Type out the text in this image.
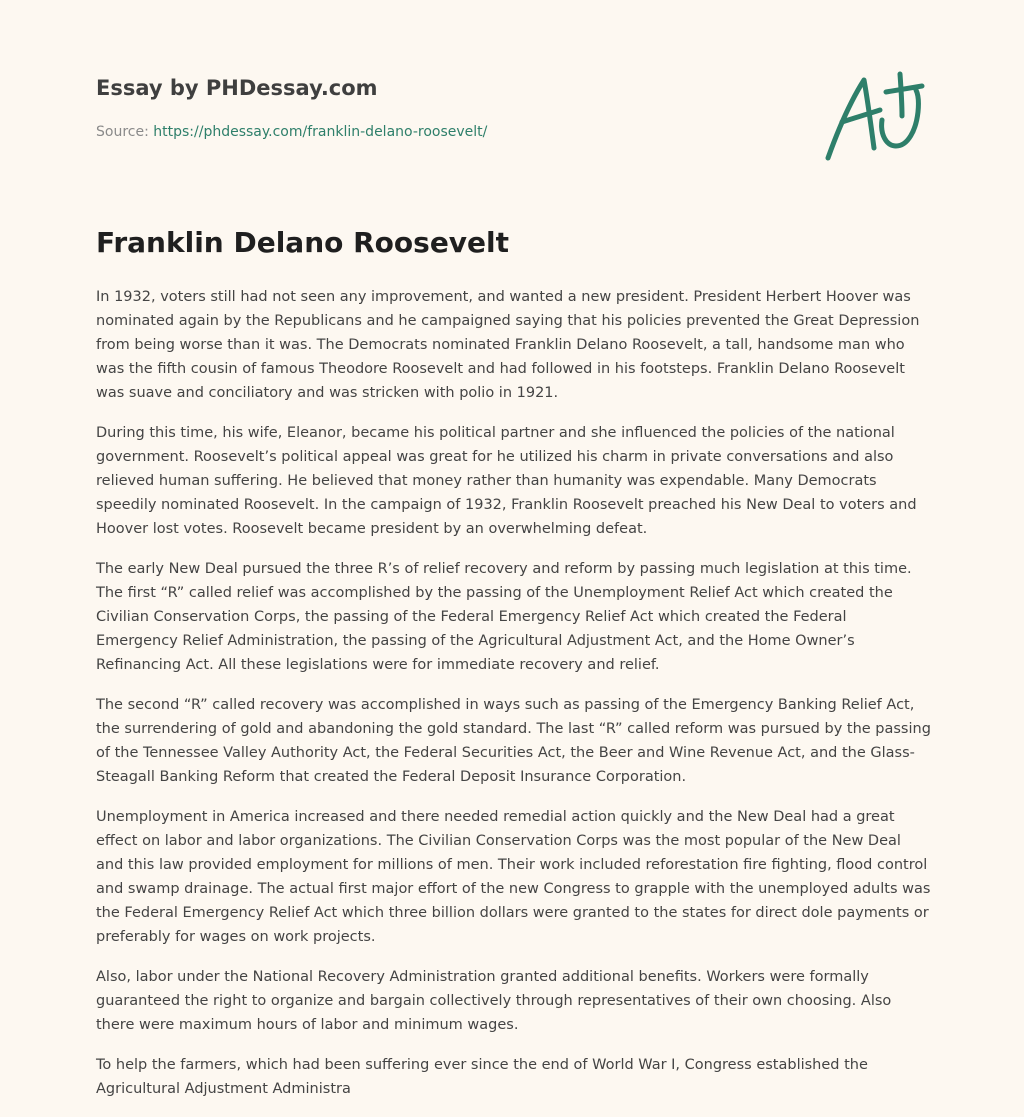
Essay by PHDessay.com
Source: https://phdessay.com/franklin-delano-roosevelt/
Franklin Delano Roosevelt

In 1932, voters still had not seen any improvement, and wanted a new president. President Herbert Hoover was nominated again by the Republicans and he campaigned saying that his policies prevented the Great Depression from being worse than it was. The Democrats nominated Franklin Delano Roosevelt, a tall, handsome man who was the fifth cousin of famous Theodore Roosevelt and had followed in his footsteps. Franklin Delano Roosevelt was suave and conciliatory and was stricken with polio in 1921.

During this time, his wife, Eleanor, became his political partner and she influenced the policies of the national government. Roosevelt’s political appeal was great for he utilized his charm in private conversations and also relieved human suffering. He believed that money rather than humanity was expendable. Many Democrats speedily nominated Roosevelt. In the campaign of 1932, Franklin Roosevelt preached his New Deal to voters and Hoover lost votes. Roosevelt became president by an overwhelming defeat.

The early New Deal pursued the three R’s of relief recovery and reform by passing much legislation at this time. The first “R” called relief was accomplished by the passing of the Unemployment Relief Act which created the Civilian Conservation Corps, the passing of the Federal Emergency Relief Act which created the Federal Emergency Relief Administration, the passing of the Agricultural Adjustment Act, and the Home Owner’s Refinancing Act. All these legislations were for immediate recovery and relief.

The second “R” called recovery was accomplished in ways such as passing of the Emergency Banking Relief Act, the surrendering of gold and abandoning the gold standard. The last “R” called reform was pursued by the passing of the Tennessee Valley Authority Act, the Federal Securities Act, the Beer and Wine Revenue Act, and the Glass- Steagall Banking Reform that created the Federal Deposit Insurance Corporation.

Unemployment in America increased and there needed remedial action quickly and the New Deal had a great effect on labor and labor organizations. The Civilian Conservation Corps was the most popular of the New Deal and this law provided employment for millions of men. Their work included reforestation fire fighting, flood control and swamp drainage. The actual first major effort of the new Congress to grapple with the unemployed adults was the Federal Emergency Relief Act which three billion dollars were granted to the states for direct dole payments or preferably for wages on work projects.

Also, labor under the National Recovery Administration granted additional benefits. Workers were formally guaranteed the right to organize and bargain collectively through representatives of their own choosing. Also there were maximum hours of labor and minimum wages.

To help the farmers, which had been suffering ever since the end of World War I, Congress established the Agricultural Adjustment Administra
